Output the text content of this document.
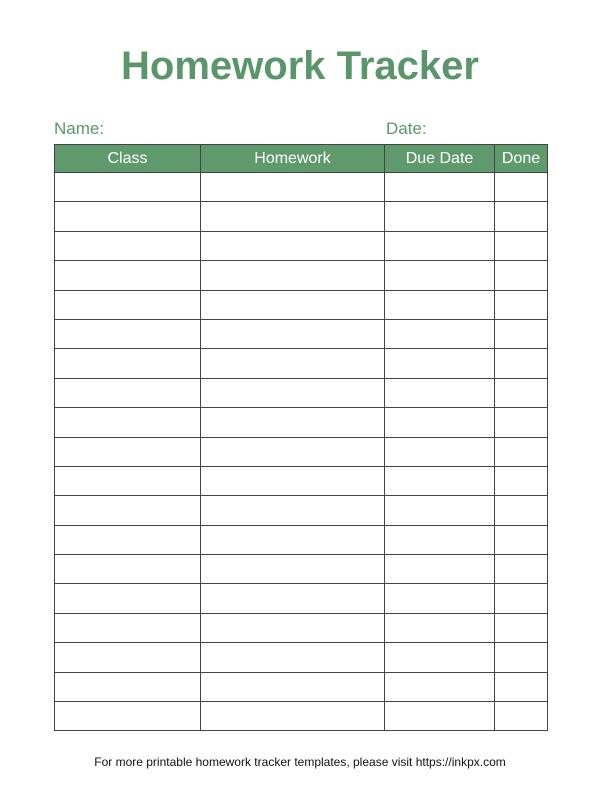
Homework Tracker
Name:	Date:
Class	Homework	Due Date	Done

For more printable homework tracker templates, please visit https://inkpx.com
